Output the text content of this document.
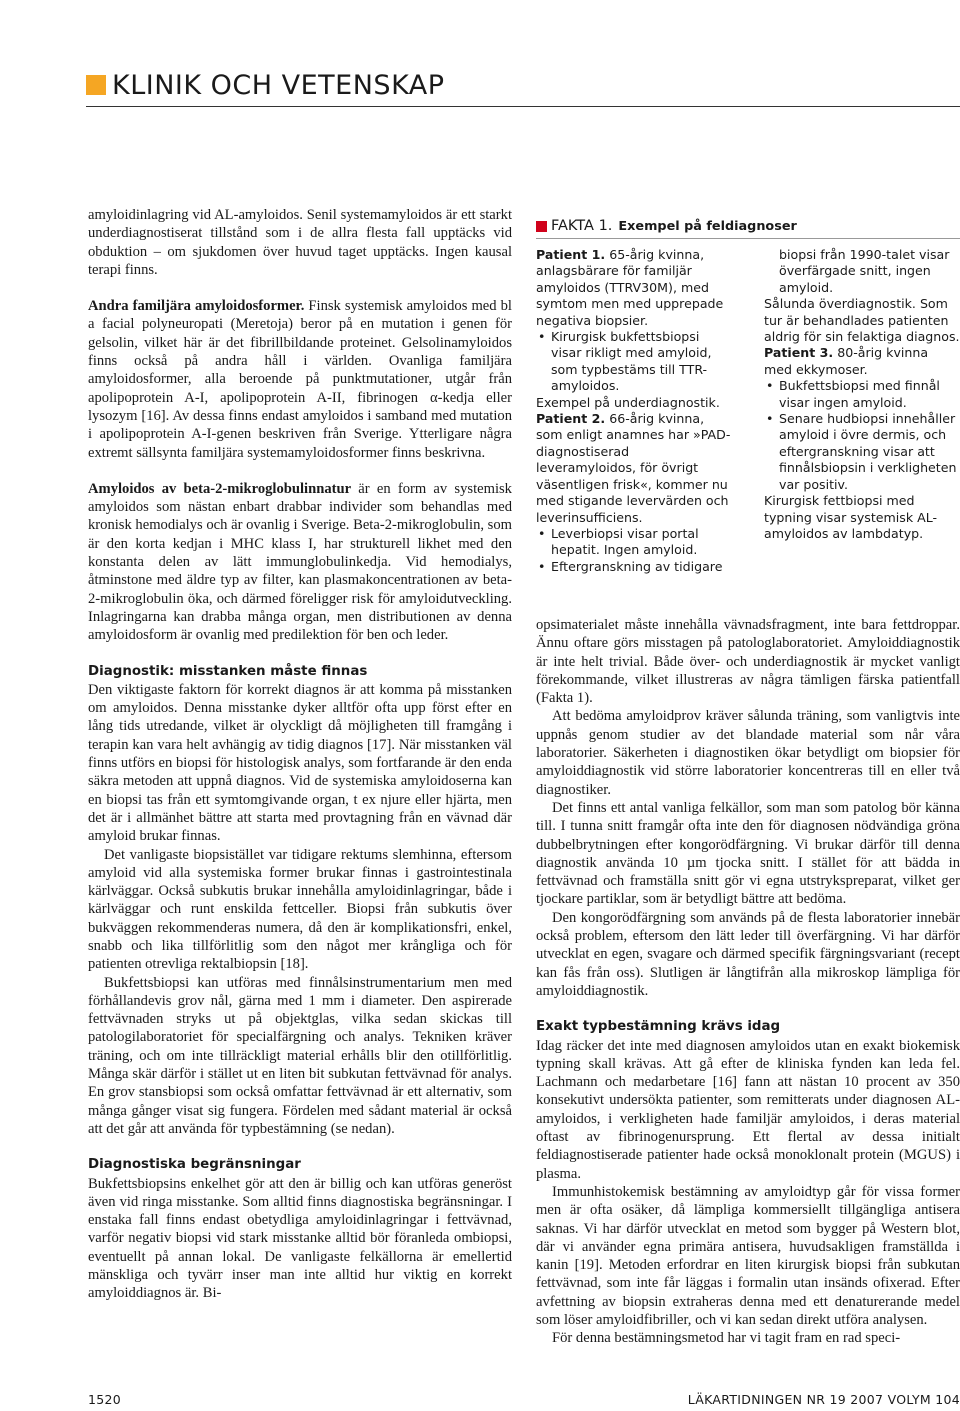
KLINIK OCH VETENSKAP

amyloidinlagring vid AL-amyloidos. Senil systemamyloidos är ett starkt underdiagnostiserat tillstånd som i de allra flesta fall upptäcks vid obduktion – om sjukdomen över huvud taget upptäcks. Ingen kausal terapi finns.

Andra familjära amyloidosformer. Finsk systemisk amyloidos med bl a facial polyneuropati (Meretoja) beror på en mutation i genen för gelsolin, vilket här är det fibrillbildande proteinet. Gelsolinamyloidos finns också på andra håll i världen. Ovanliga familjära amyloidosformer, alla beroende på punktmutationer, utgår från apolipoprotein A-I, apolipoprotein A-II, fibrinogen α-kedja eller lysozym [16]. Av dessa finns endast amyloidos i samband med mutation i apolipoprotein A-I-genen beskriven från Sverige. Ytterligare några extremt sällsynta familjära systemamyloidosformer finns beskrivna.

Amyloidos av beta-2-mikroglobulinnatur är en form av systemisk amyloidos som nästan enbart drabbar individer som behandlas med kronisk hemodialys och är ovanlig i Sverige. Beta-2-mikroglobulin, som är den korta kedjan i MHC klass I, har strukturell likhet med den konstanta delen av lätt immunglobulinkedja. Vid hemodialys, åtminstone med äldre typ av filter, kan plasmakoncentrationen av beta-2-mikroglobulin öka, och därmed föreligger risk för amyloidutveckling. Inlagringarna kan drabba många organ, men distributionen av denna amyloidosform är ovanlig med predilektion för ben och leder.

Diagnostik: misstanken måste finnas

Den viktigaste faktorn för korrekt diagnos är att komma på misstanken om amyloidos. Denna misstanke dyker alltför ofta upp först efter en lång tids utredande, vilket är olyckligt då möjligheten till framgång i terapin kan vara helt avhängig av tidig diagnos [17]. När misstanken väl finns utförs en biopsi för histologisk analys, som fortfarande är den enda säkra metoden att uppnå diagnos. Vid de systemiska amyloidoserna kan en biopsi tas från ett symtomgivande organ, t ex njure eller hjärta, men det är i allmänhet bättre att starta med provtagning från en vävnad där amyloid brukar finnas.

Det vanligaste biopsistället var tidigare rektums slemhinna, eftersom amyloid vid alla systemiska former brukar finnas i gastrointestinala kärlväggar. Också subkutis brukar innehålla amyloidinlagringar, både i kärlväggar och runt enskilda fettceller. Biopsi från subkutis över bukväggen rekommenderas numera, då den är komplikationsfri, enkel, snabb och lika tillförlitlig som den något mer krångliga och för patienten otrevliga rektalbiopsin [18].

Bukfettsbiopsi kan utföras med finnålsinstrumentarium men med förhållandevis grov nål, gärna med 1 mm i diameter. Den aspirerade fettvävnaden stryks ut på objektglas, vilka sedan skickas till patologilaboratoriet för specialfärgning och analys. Tekniken kräver träning, och om inte tillräckligt material erhålls blir den otillförlitlig. Många skär därför i stället ut en liten bit subkutan fettvävnad för analys. En grov stansbiopsi som också omfattar fettvävnad är ett alternativ, som många gånger visat sig fungera. Fördelen med sådant material är också att det går att använda för typbestämning (se nedan).

Diagnostiska begränsningar

Bukfettsbiopsins enkelhet gör att den är billig och kan utföras generöst även vid ringa misstanke. Som alltid finns diagnostiska begränsningar. I enstaka fall finns endast obetydliga amyloidinlagringar i fettvävnad, varför negativ biopsi vid stark misstanke alltid bör föranleda ombiopsi, eventuellt på annan lokal. De vanligaste felkällorna är emellertid mänskliga och tyvärr inser man inte alltid hur viktig en korrekt amyloiddiagnos är. Bi-

FAKTA 1. Exempel på feldiagnoser

Patient 1. 65-årig kvinna, anlagsbärare för familjär amyloidos (TTRV30M), med symtom men med upprepade negativa biopsier.

• Kirurgisk bukfettsbiopsi visar rikligt med amyloid, som typbestäms till TTR-amyloidos.

Exempel på underdiagnostik.

Patient 2. 66-årig kvinna, som enligt anamnes har »PAD-diagnostiserad leveramyloidos, för övrigt väsentligen frisk«, kommer nu med stigande levervärden och leverinsufficiens.

• Leverbiopsi visar portal hepatit. Ingen amyloid.

• Eftergranskning av tidigare

biopsi från 1990-talet visar överfärgade snitt, ingen amyloid.

Sålunda överdiagnostik. Som tur är behandlades patienten aldrig för sin felaktiga diagnos.

Patient 3. 80-årig kvinna med ekkymoser.

• Bukfettsbiopsi med finnål visar ingen amyloid.

• Senare hudbiopsi innehåller amyloid i övre dermis, och eftergranskning visar att finnålsbiopsin i verkligheten var positiv.

Kirurgisk fettbiopsi med typning visar systemisk AL-amyloidos av lambdatyp.

opsimaterialet måste innehålla vävnadsfragment, inte bara fettdroppar. Ännu oftare görs misstagen på patologlaboratoriet. Amyloiddiagnostik är inte helt trivial. Både över- och underdiagnostik är mycket vanligt förekommande, vilket illustreras av några tämligen färska patientfall (Fakta 1).

Att bedöma amyloidprov kräver sålunda träning, som vanligtvis inte uppnås genom studier av det blandade material som når våra laboratorier. Säkerheten i diagnostiken ökar betydligt om biopsier för amyloiddiagnostik vid större laboratorier koncentreras till en eller två diagnostiker.

Det finns ett antal vanliga felkällor, som man som patolog bör känna till. I tunna snitt framgår ofta inte den för diagnosen nödvändiga gröna dubbelbrytningen efter kongorödfärgning. Vi brukar därför till denna diagnostik använda 10 µm tjocka snitt. I stället för att bädda in fettvävnad och framställa snitt gör vi egna utstrykspreparat, vilket ger tjockare partiklar, som är betydligt bättre att bedöma.

Den kongorödfärgning som används på de flesta laboratorier innebär också problem, eftersom den lätt leder till överfärgning. Vi har därför utvecklat en egen, svagare och därmed specifik färgningsvariant (recept kan fås från oss). Slutligen är långtifrån alla mikroskop lämpliga för amyloiddiagnostik.

Exakt typbestämning krävs idag

Idag räcker det inte med diagnosen amyloidos utan en exakt biokemisk typning skall krävas. Att gå efter de kliniska fynden kan leda fel. Lachmann och medarbetare [16] fann att nästan 10 procent av 350 konsekutivt undersökta patienter, som remitterats under diagnosen AL-amyloidos, i verkligheten hade familjär amyloidos, i deras material oftast av fibrinogenursprung. Ett flertal av dessa initialt feldiagnostiserade patienter hade också monoklonalt protein (MGUS) i plasma.

Immunhistokemisk bestämning av amyloidtyp går för vissa former men är ofta osäker, då lämpliga kommersiellt tillgängliga antisera saknas. Vi har därför utvecklat en metod som bygger på Western blot, där vi använder egna primära antisera, huvudsakligen framställda i kanin [19]. Metoden erfordrar en liten kirurgisk biopsi från subkutan fettvävnad, som inte får läggas i formalin utan insänds ofixerad. Efter avfettning av biopsin extraheras denna med ett denaturerande medel som löser amyloidfibriller, och vi kan sedan direkt utföra analysen.

För denna bestämningsmetod har vi tagit fram en rad speci-

1520	LÄKARTIDNINGEN NR 19 2007 VOLYM 104
